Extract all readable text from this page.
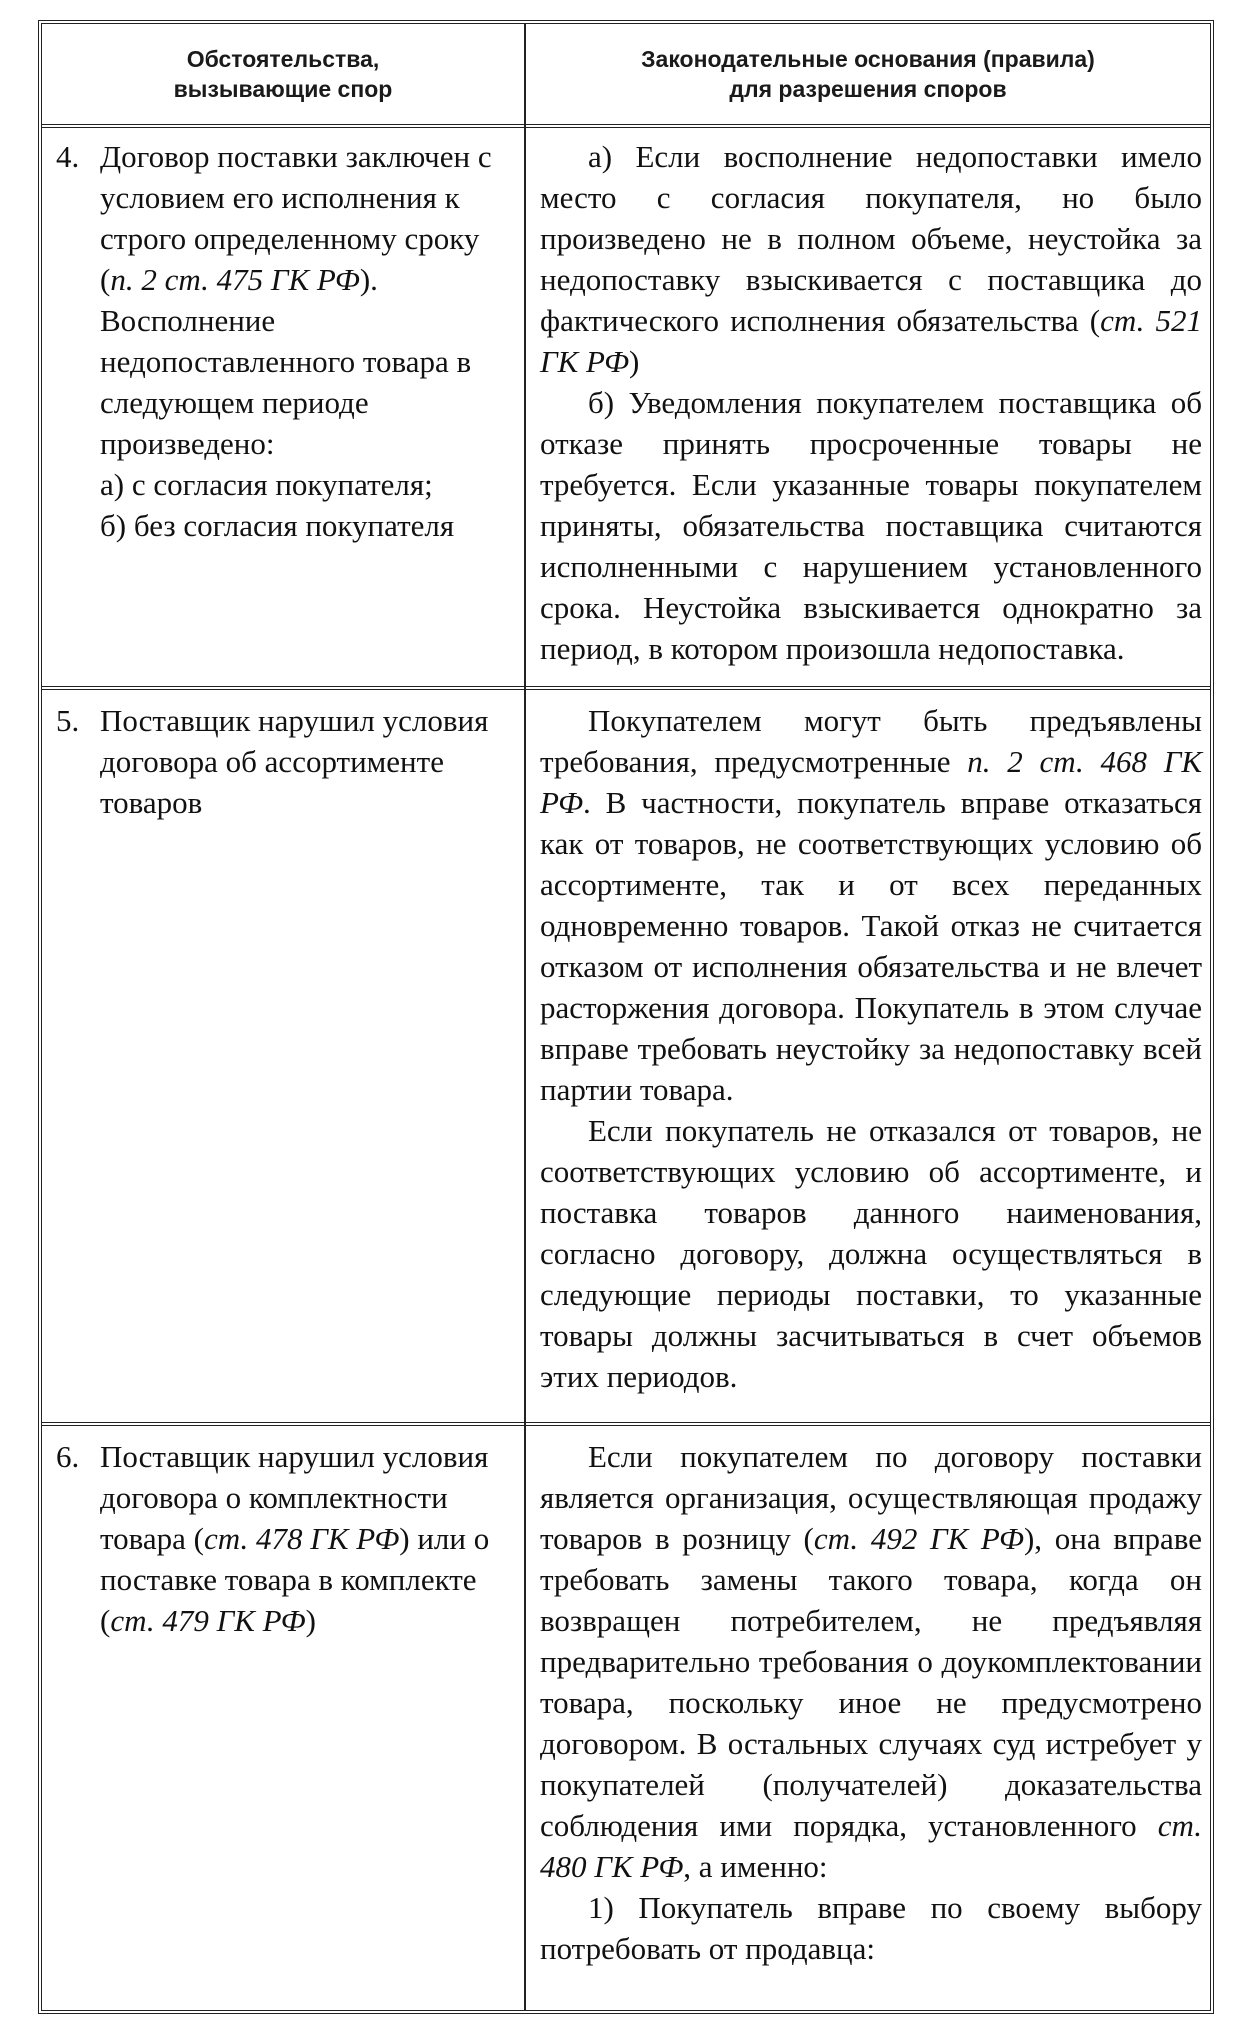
Обстоятельства,
вызывающие спор
Законодательные основания (правила)
для разрешения споров
4. Договор поставки заключен с условием его исполнения к строго определенному сроку (п. 2 ст. 475 ГК РФ). Восполнение недопоставленного товара в следующем периоде произведено:
а) с согласия покупателя;
б) без согласия покупателя

а) Если восполнение недопоставки имело место с согласия покупателя, но было произведено не в полном объеме, неустойка за недопоставку взыскивается с поставщика до фактического исполнения обязательства (ст. 521 ГК РФ)

б) Уведомления покупателем поставщика об отказе принять просроченные товары не требуется. Если указанные товары покупателем приняты, обязательства поставщика считаются исполненными с нарушением установленного срока. Неустойка взыскивается однократно за период, в котором произошла недопоставка.

5. Поставщик нарушил условия договора об ассортименте товаров

Покупателем могут быть предъявлены требования, предусмотренные п. 2 ст. 468 ГК РФ. В частности, покупатель вправе отказаться как от товаров, не соответствующих условию об ассортименте, так и от всех переданных одновременно товаров. Такой отказ не считается отказом от исполнения обязательства и не влечет расторжения договора. Покупатель в этом случае вправе требовать неустойку за недопоставку всей партии товара.

Если покупатель не отказался от товаров, не соответствующих условию об ассортименте, и поставка товаров данного наименования, согласно договору, должна осуществляться в следующие периоды поставки, то указанные товары должны засчитываться в счет объемов этих периодов.

6. Поставщик нарушил условия договора о комплектности товара (ст. 478 ГК РФ) или о поставке товара в комплекте (ст. 479 ГК РФ)

Если покупателем по договору поставки является организация, осуществляющая продажу товаров в розницу (ст. 492 ГК РФ), она вправе требовать замены такого товара, когда он возвращен потребителем, не предъявляя предварительно требования о доукомплектовании товара, поскольку иное не предусмотрено договором. В остальных случаях суд истребует у покупателей (получателей) доказательства соблюдения ими порядка, установленного ст. 480 ГК РФ, а именно:

1) Покупатель вправе по своему выбору потребовать от продавца:
